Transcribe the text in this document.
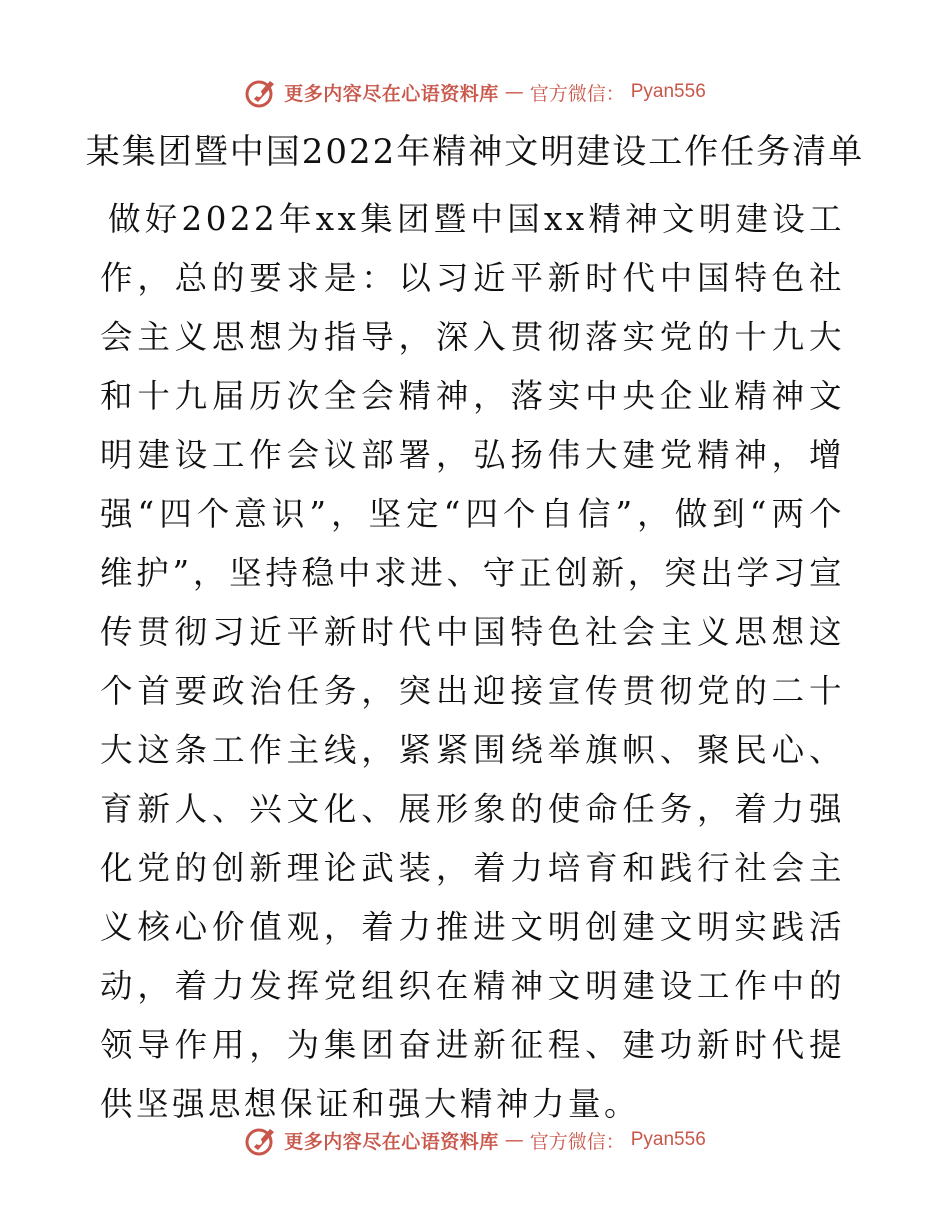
更多内容尽在心语资料库 — 官方微信： Pyan556
某集团暨中国2022年精神文明建设工作任务清单

做好2022年xx集团暨中国xx精神文明建设工作，总的要求是：以习近平新时代中国特色社会主义思想为指导，深入贯彻落实党的十九大和十九届历次全会精神，落实中央企业精神文明建设工作会议部署，弘扬伟大建党精神，增强“四个意识”，坚定“四个自信”，做到“两个维护”，坚持稳中求进、守正创新，突出学习宣传贯彻习近平新时代中国特色社会主义思想这个首要政治任务，突出迎接宣传贯彻党的二十大这条工作主线，紧紧围绕举旗帜、聚民心、育新人、兴文化、展形象的使命任务，着力强化党的创新理论武装，着力培育和践行社会主义核心价值观，着力推进文明创建文明实践活动，着力发挥党组织在精神文明建设工作中的领导作用，为集团奋进新征程、建功新时代提供坚强思想保证和强大精神力量。

更多内容尽在心语资料库 — 官方微信： Pyan556
